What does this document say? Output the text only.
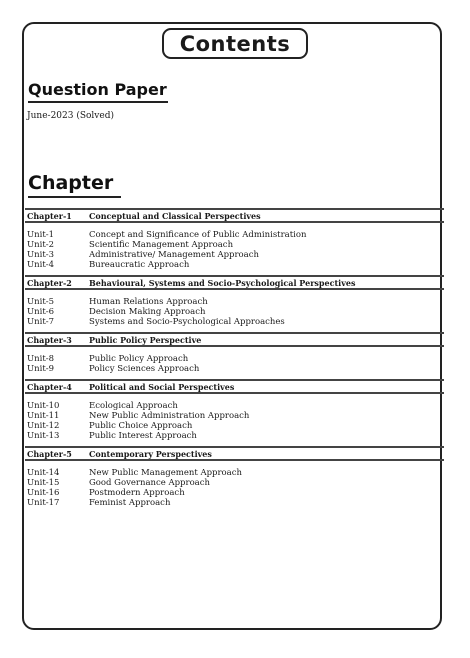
Contents
Question Paper
June-2023 (Solved)
Chapter
Chapter-1 Conceptual and Classical Perspectives
Unit-1	Concept and Significance of Public Administration
Unit-2	Scientific Management Approach
Unit-3	Administrative/ Management Approach
Unit-4	Bureaucratic Approach
Chapter-2 Behavioural, Systems and Socio-Psychological Perspectives
Unit-5	Human Relations Approach
Unit-6	Decision Making Approach
Unit-7	Systems and Socio-Psychological Approaches
Chapter-3 Public Policy Perspective
Unit-8	Public Policy Approach
Unit-9	Policy Sciences Approach
Chapter-4 Political and Social Perspectives
Unit-10	Ecological Approach
Unit-11	New Public Administration Approach
Unit-12	Public Choice Approach
Unit-13	Public Interest Approach
Chapter-5 Contemporary Perspectives
Unit-14	New Public Management Approach
Unit-15	Good Governance Approach
Unit-16	Postmodern Approach
Unit-17	Feminist Approach
